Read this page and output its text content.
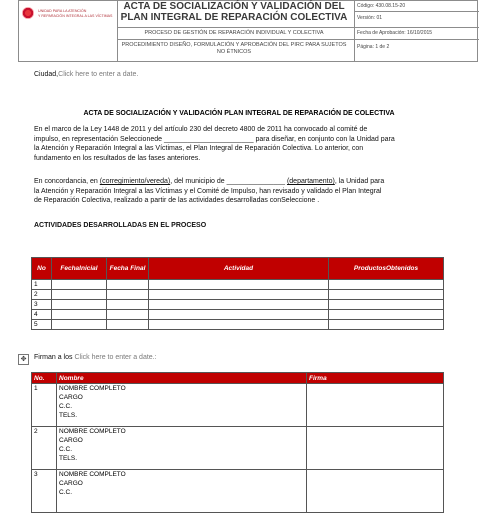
UNIDAD PARA LA ATENCIÓN
Y REPARACIÓN INTEGRAL A LAS VÍCTIMAS
ACTA DE SOCIALIZACIÓN Y VALIDACIÓN DEL PLAN INTEGRAL DE REPARACIÓN COLECTIVA
PROCESO DE GESTIÓN DE REPARACIÓN INDIVIDUAL Y COLECTIVA
PROCEDIMIENTO DISEÑO, FORMULACIÓN Y APROBACIÓN DEL PIRC PARA SUJETOS NO ÉTNICOS
Código: 430.08.15-20
Versión: 01
Fecha de Aprobación: 16/10/2015
Página: 1 de 2
Ciudad,Click here to enter a date.
ACTA DE SOCIALIZACIÓN Y VALIDACIÓN PLAN INTEGRAL DE REPARACIÓN DE COLECTIVA
En el marco de la Ley 1448 de 2011 y del artículo 230 del decreto 4800 de 2011 ha convocado al comité de
impulso, en representación Seleccionede _______________________ para diseñar, en conjunto con la Unidad para
la Atención y Reparación Integral a las Víctimas, el Plan Integral de Reparación Colectiva. Lo anterior, con
fundamento en los resultados de las fases anteriores.
En concordancia, en (corregimiento/vereda), del municipio de _______________ (departamento), la Unidad para
la Atención y Reparación Integral a las Víctimas y el Comité de Impulso, han revisado y validado el Plan Integral
de Reparación Colectiva, realizado a partir de las actividades desarrolladas conSeleccione .
ACTIVIDADES DESARROLLADAS EN EL PROCESO
No	FechaInicial	Fecha Final	Actividad	ProductosObtenidos
1				
2				
3				
4				
5				
✥	Firman a los Click here to enter a date.:
No.	Nombre	Firma
1	NOMBRE COMPLETO
CARGO
C.C.
TELS.	

2	NOMBRE COMPLETO
CARGO
C.C.
TELS.	

3	NOMBRE COMPLETO
CARGO
C.C.	
